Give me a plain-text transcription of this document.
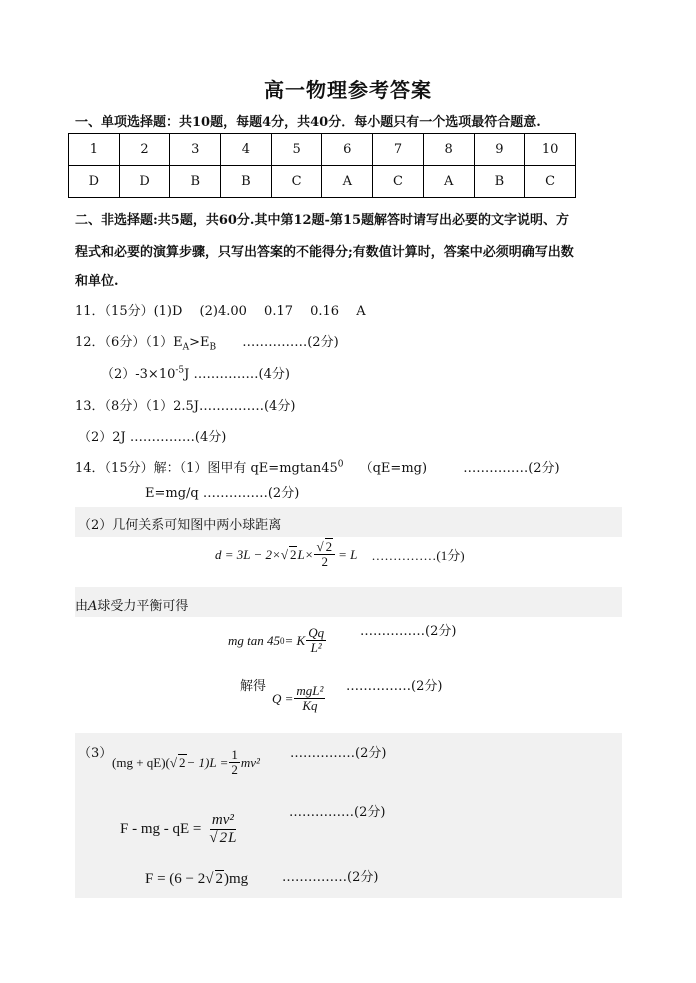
高一物理参考答案
一、单项选择题：共10题，每题4分，共40分．每小题只有一个选项最符合题意.
1	2	3	4	5	6	7	8	9	10
D	D	B	B	C	A	C	A	B	C
二、非选择题:共5题，共60分.其中第12题-第15题解答时请写出必要的文字说明、方
程式和必要的演算步骤，只写出答案的不能得分;有数值计算时，答案中必须明确写出数
和单位.
11．（15分）(1)D　 (2)4.00　 0.17　 0.16　 A
12．（6分）$(1)E_A>E_B$ ……………(2分)
$(2)-3\times 10^{-5}J$ ……………(4分)
13．（8分）（1）2.5J……………(4分)
（2）2J ……………(4分)
14．（15分）解：（1）图甲有 $qE=mgtan45^0$ （qE=mg)	……………(2分)
E=mg/q ……………(2分)
（2）几何关系可知图中两小球距离
d = 3L − 2× √ 2 $L\times \frac{√ 2}{2} = L$ ……………(1分)
由A球受力平衡可得
mg tan 45 0 = K $\frac{Qq}{\text{L²}}$	……………(2分)
解得
$Q = \frac{\text{mgL²}}{Kq}$ ……………(2分)
（3）
(mg + qE)( √ $2 - 1)L = \frac{1}{2} mv^2$
……………(2分)
F - mg - qE = $\frac{\text{mv²}}{√ 2L}$	……………(2分)
F = (6 − 2 √ 2 )mg	……………(2分)
